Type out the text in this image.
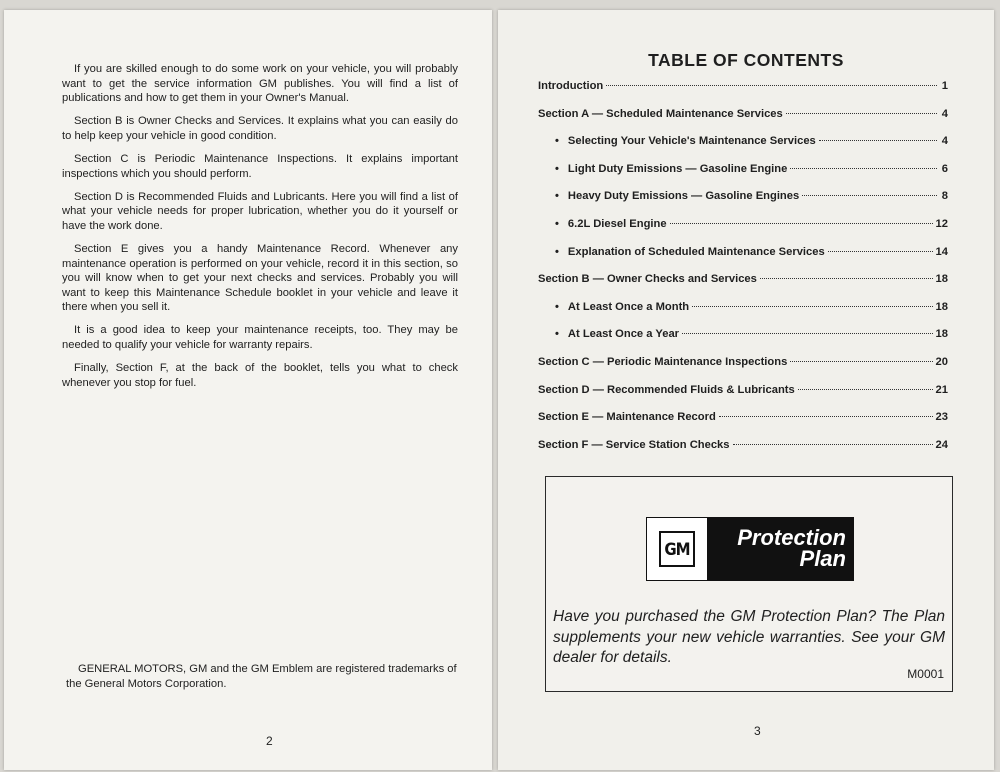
If you are skilled enough to do some work on your vehicle, you will probably want to get the service information GM publishes. You will find a list of publications and how to get them in your Owner's Manual.

Section B is Owner Checks and Services. It explains what you can easily do to help keep your vehicle in good condition.

Section C is Periodic Maintenance Inspections. It explains important inspections which you should perform.

Section D is Recommended Fluids and Lubricants. Here you will find a list of what your vehicle needs for proper lubrication, whether you do it yourself or have the work done.

Section E gives you a handy Maintenance Record. Whenever any maintenance operation is performed on your vehicle, record it in this section, so you will know when to get your next checks and services. Probably you will want to keep this Maintenance Schedule booklet in your vehicle and leave it there when you sell it.

It is a good idea to keep your maintenance receipts, too. They may be needed to qualify your vehicle for warranty repairs.

Finally, Section F, at the back of the booklet, tells you what to check whenever you stop for fuel.

GENERAL MOTORS, GM and the GM Emblem are registered trademarks of the General Motors Corporation.

2
TABLE OF CONTENTS
Introduction	1
Section A — Scheduled Maintenance Services	4
• Selecting Your Vehicle's Maintenance Services	4
• Light Duty Emissions — Gasoline Engine	6
• Heavy Duty Emissions — Gasoline Engines	8
• 6.2L Diesel Engine	12
• Explanation of Scheduled Maintenance Services	14
Section B — Owner Checks and Services	18
• At Least Once a Month	18
• At Least Once a Year	18
Section C — Periodic Maintenance Inspections	20
Section D — Recommended Fluids & Lubricants	21
Section E — Maintenance Record	23
Section F — Service Station Checks	24
GM	Protection
Plan

Have you purchased the GM Protection Plan? The Plan supplements your new vehicle warranties. See your GM dealer for details.

M0001
3
